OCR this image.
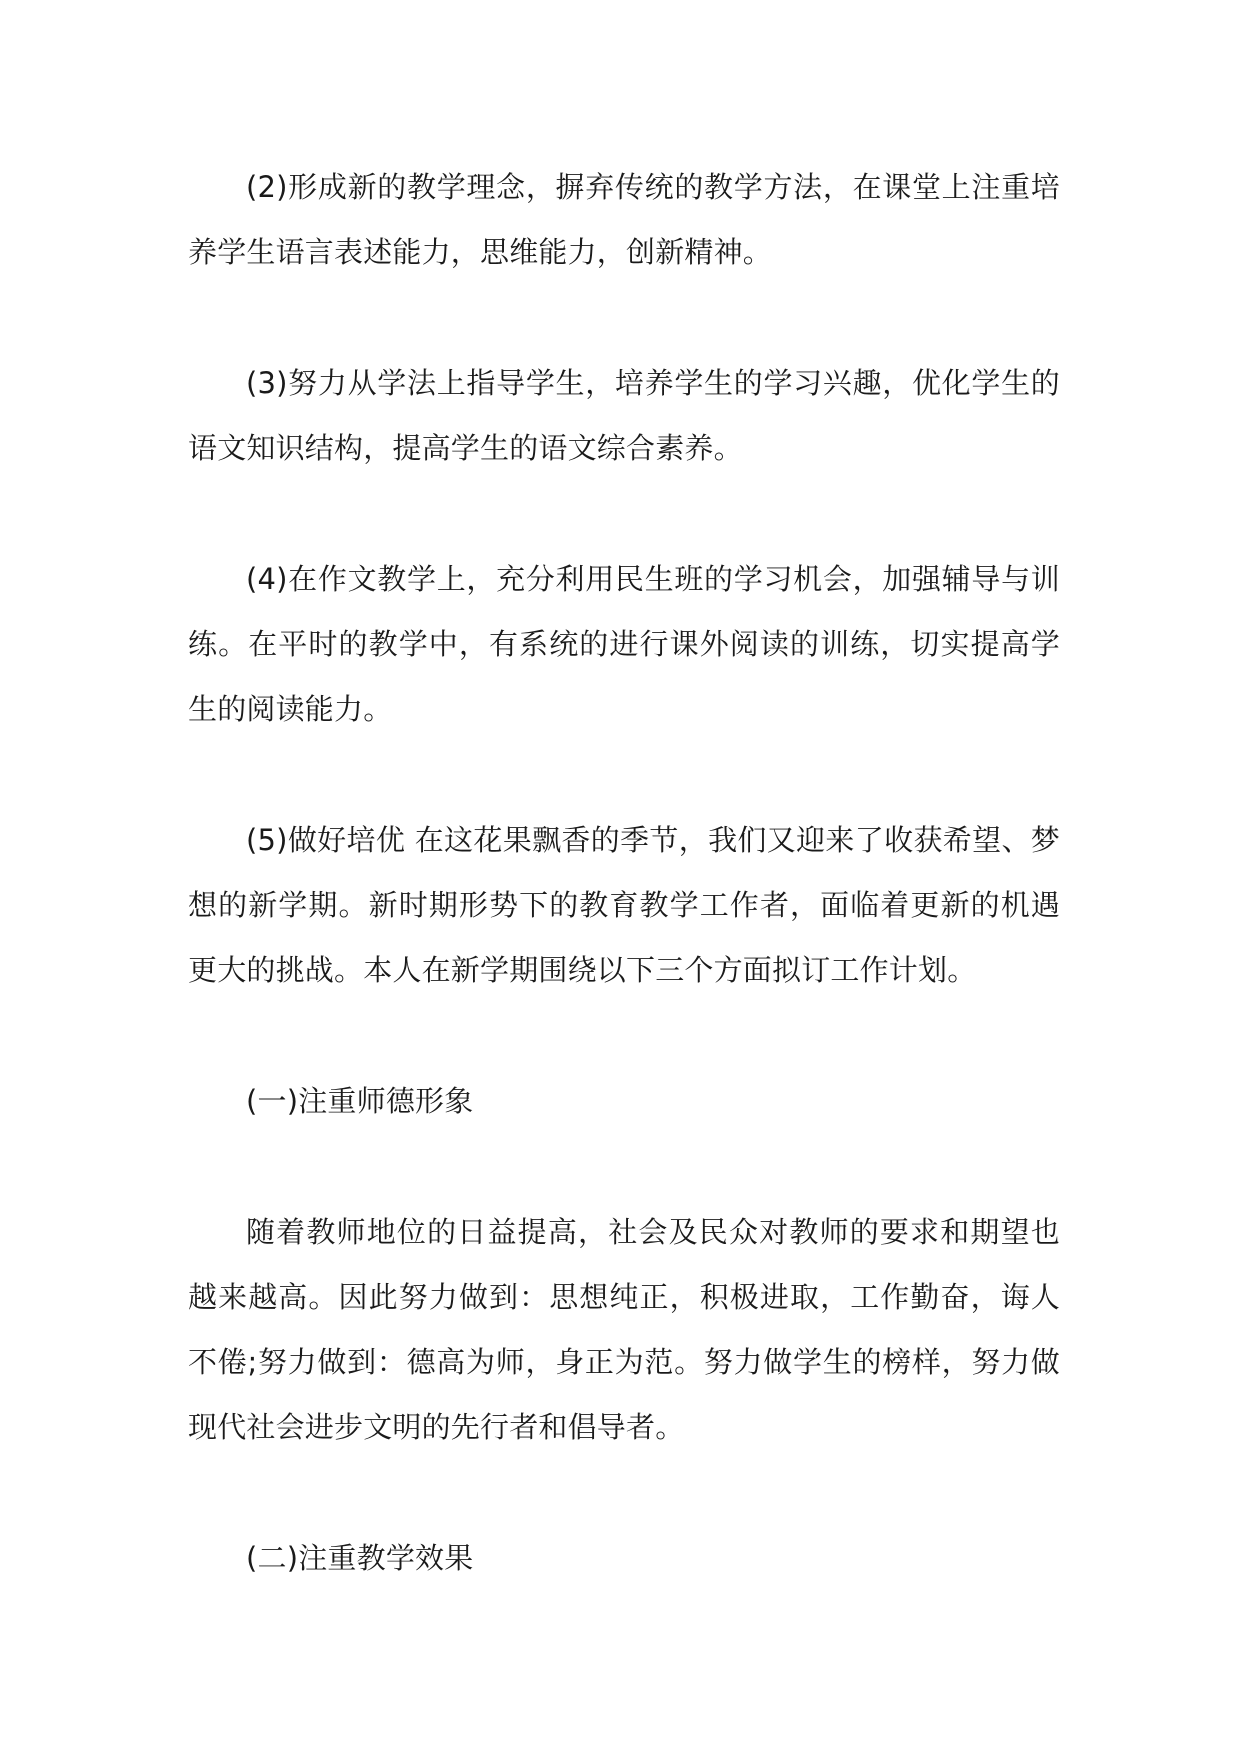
(2)形成新的教学理念，摒弃传统的教学方法，在课堂上注重培养学生语言表述能力，思维能力，创新精神。

(3)努力从学法上指导学生，培养学生的学习兴趣，优化学生的语文知识结构，提高学生的语文综合素养。

(4)在作文教学上，充分利用民生班的学习机会，加强辅导与训练。在平时的教学中，有系统的进行课外阅读的训练，切实提高学生的阅读能力。

(5)做好培优 在这花果飘香的季节，我们又迎来了收获希望、梦想的新学期。新时期形势下的教育教学工作者，面临着更新的机遇更大的挑战。本人在新学期围绕以下三个方面拟订工作计划。

(一)注重师德形象

随着教师地位的日益提高，社会及民众对教师的要求和期望也越来越高。因此努力做到：思想纯正，积极进取，工作勤奋，诲人不倦;努力做到：德高为师，身正为范。努力做学生的榜样，努力做现代社会进步文明的先行者和倡导者。

(二)注重教学效果
